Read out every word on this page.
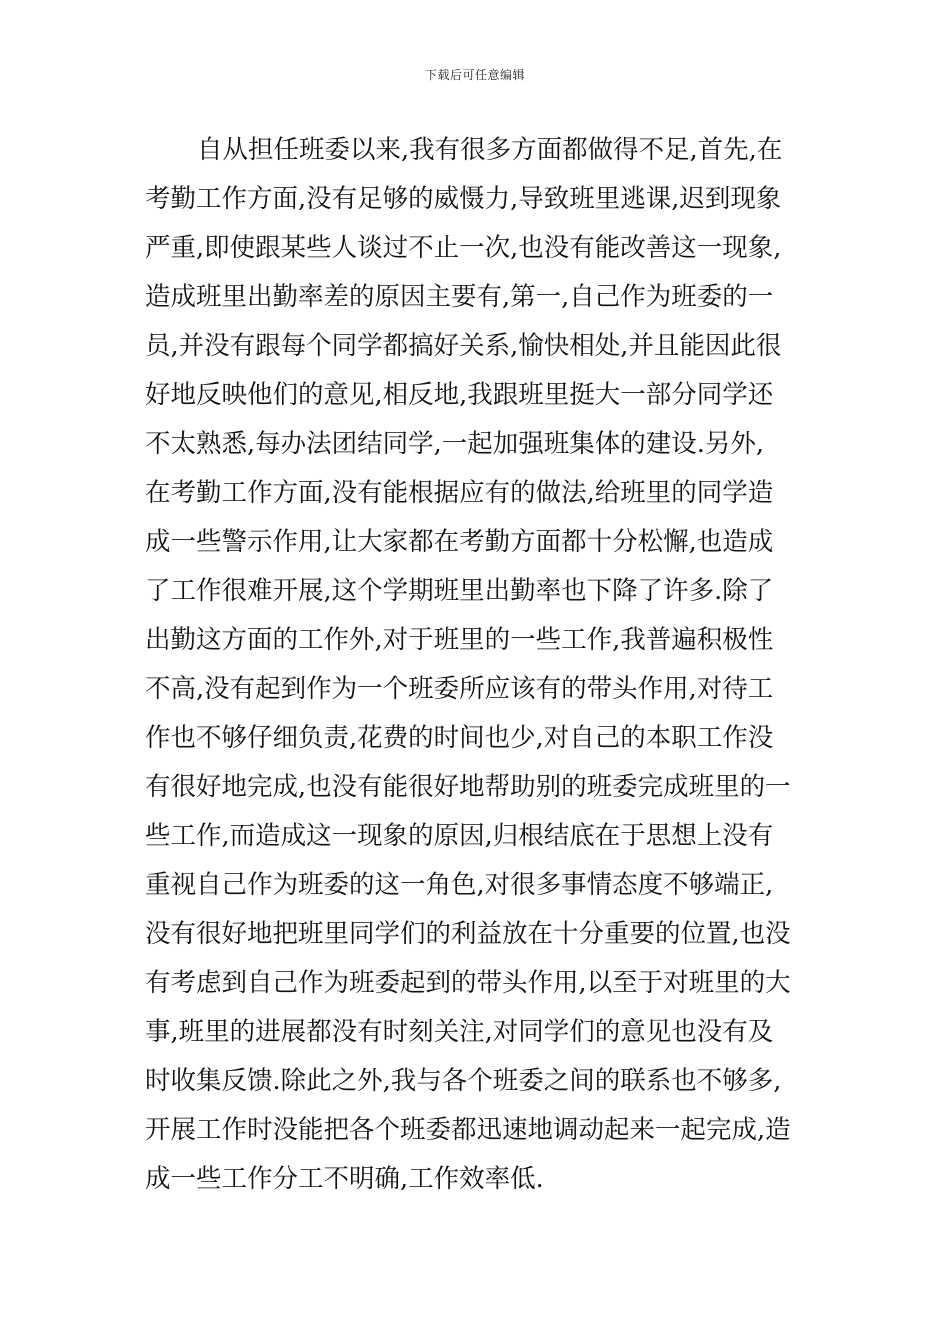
下载后可任意编辑
自从担任班委以来,我有很多方面都做得不足,首先,在
考勤工作方面,没有足够的威慑力,导致班里逃课,迟到现象
严重,即使跟某些人谈过不止一次,也没有能改善这一现象,
造成班里出勤率差的原因主要有,第一,自己作为班委的一
员,并没有跟每个同学都搞好关系,愉快相处,并且能因此很
好地反映他们的意见,相反地,我跟班里挺大一部分同学还
不太熟悉,每办法团结同学,一起加强班集体的建设.另外,
在考勤工作方面,没有能根据应有的做法,给班里的同学造
成一些警示作用,让大家都在考勤方面都十分松懈,也造成
了工作很难开展,这个学期班里出勤率也下降了许多.除了
出勤这方面的工作外,对于班里的一些工作,我普遍积极性
不高,没有起到作为一个班委所应该有的带头作用,对待工
作也不够仔细负责,花费的时间也少,对自己的本职工作没
有很好地完成,也没有能很好地帮助别的班委完成班里的一
些工作,而造成这一现象的原因,归根结底在于思想上没有
重视自己作为班委的这一角色,对很多事情态度不够端正,
没有很好地把班里同学们的利益放在十分重要的位置,也没
有考虑到自己作为班委起到的带头作用,以至于对班里的大
事,班里的进展都没有时刻关注,对同学们的意见也没有及
时收集反馈.除此之外,我与各个班委之间的联系也不够多,
开展工作时没能把各个班委都迅速地调动起来一起完成,造
成一些工作分工不明确,工作效率低.
